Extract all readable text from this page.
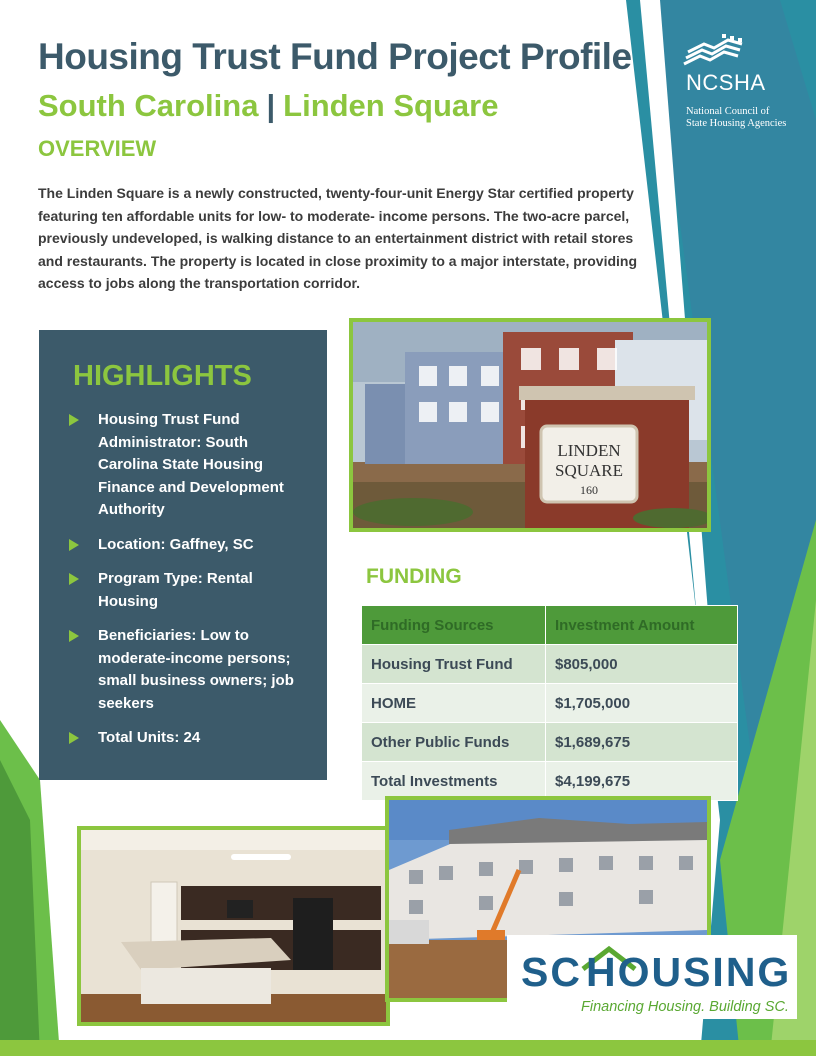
Housing Trust Fund Project Profile
South Carolina | Linden Square
OVERVIEW
The Linden Square is a newly constructed, twenty-four-unit Energy Star certified property featuring ten affordable units for low- to moderate- income persons. The two-acre parcel, previously undeveloped, is walking distance to an entertainment district with retail stores and restaurants. The property is located in close proximity to a major interstate, providing access to jobs along the transportation corridor.
NCSHA
National Council of
State Housing Agencies
HIGHLIGHTS
Housing Trust Fund Administrator: South Carolina State Housing Finance and Development Authority
Location: Gaffney, SC
Program Type: Rental Housing
Beneficiaries: Low to moderate-income persons; small business owners; job seekers
Total Units: 24
LINDEN
SQUARE
160
FUNDING
Funding Sources	Investment Amount
Housing Trust Fund	$805,000
HOME	$1,705,000
Other Public Funds	$1,689,675
Total Investments	$4,199,675
SCHOUSING
Financing Housing. Building SC.
